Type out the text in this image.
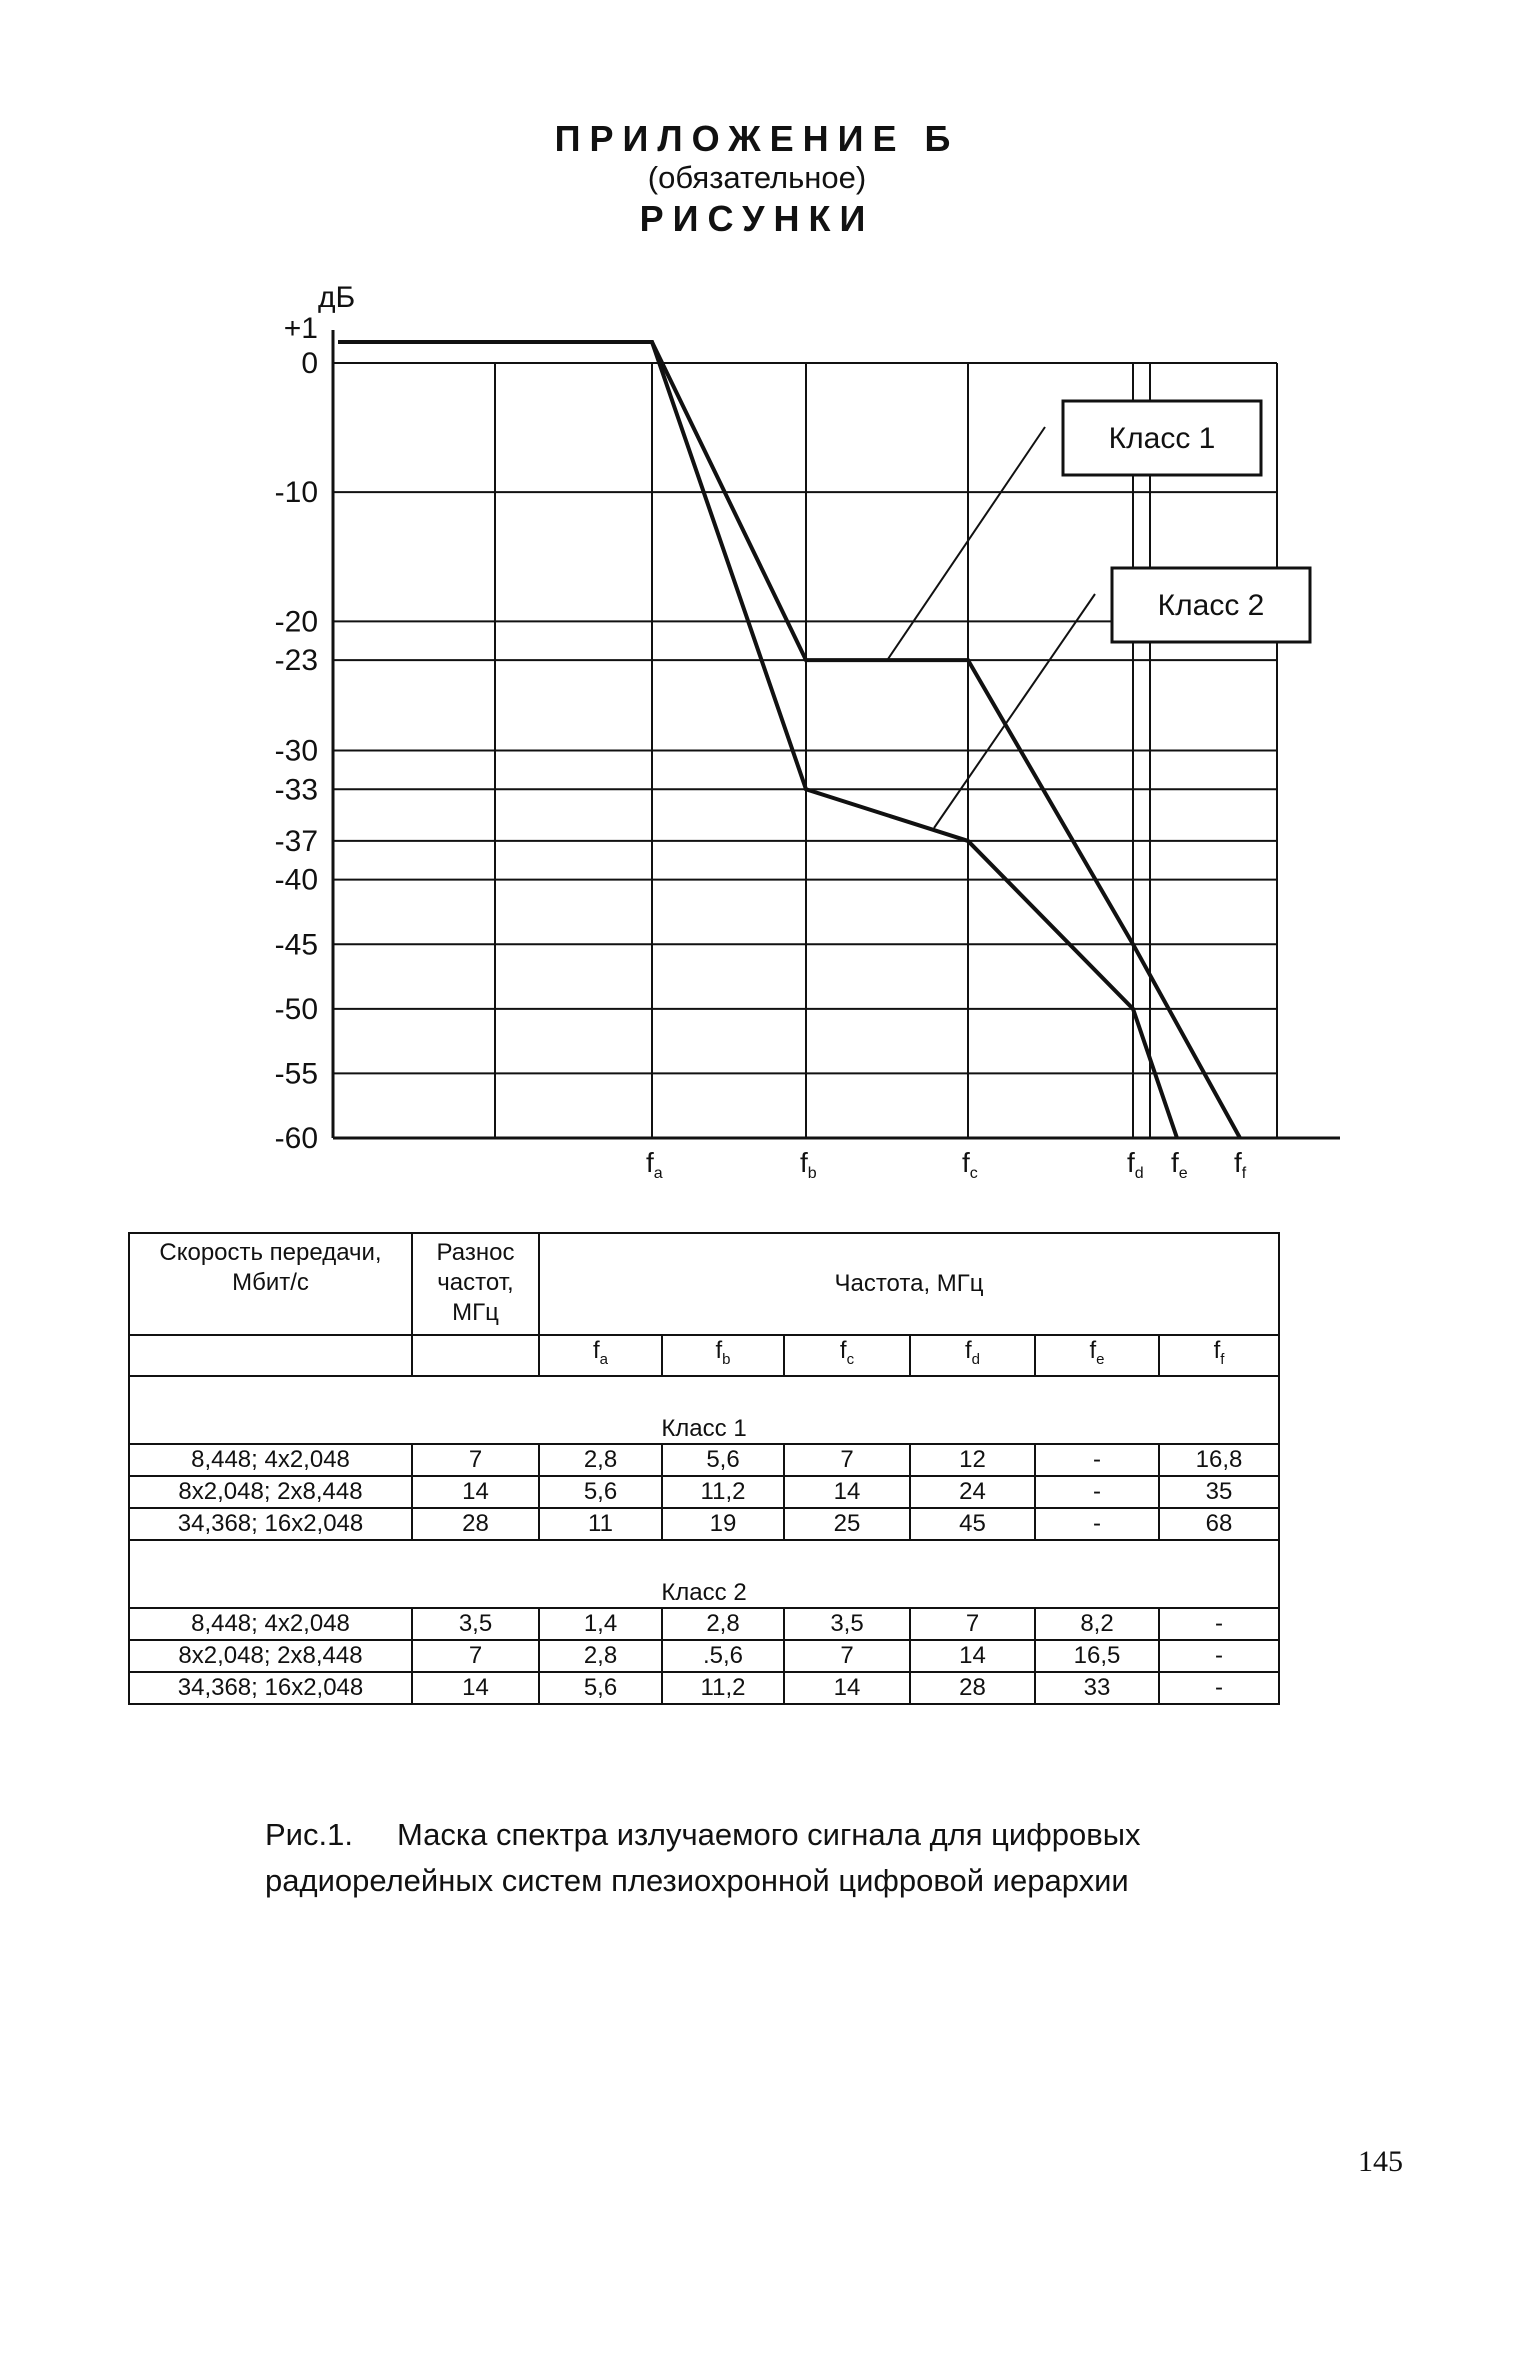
ПРИЛОЖЕНИЕ Б
(обязательное)
РИСУНКИ
дБ
+1
0
-10
-20
-23
-30
-33
-37
-40
-45
-50
-55
-60
$f_a$	$f_b$	$f_c$	$f_d$ $f_e$ $f_f$
Класс 1
Класс 2
Скорость передачи, Мбит/с	Разнос частот, МГц	Частота, МГц					
		$f_a$	$f_b$	$f_c$	$f_d$	$f_e$	$f_f$
Класс 1							
8,448; 4x2,048	7	2,8	5,6	7	12	-	16,8
8x2,048; 2x8,448	14	5,6	11,2	14	24	-	35
34,368; 16x2,048	28	11	19	25	45	-	68
Класс 2							
8,448; 4x2,048	3,5	1,4	2,8	3,5	7	8,2	-
8x2,048; 2x8,448	7	2,8	.5,6	7	14	16,5	-
34,368; 16x2,048	14	5,6	11,2	14	28	33	-
Рис.1. Маска спектра излучаемого сигнала для цифровых
радиорелейных систем плезиохронной цифровой иерархии
145
